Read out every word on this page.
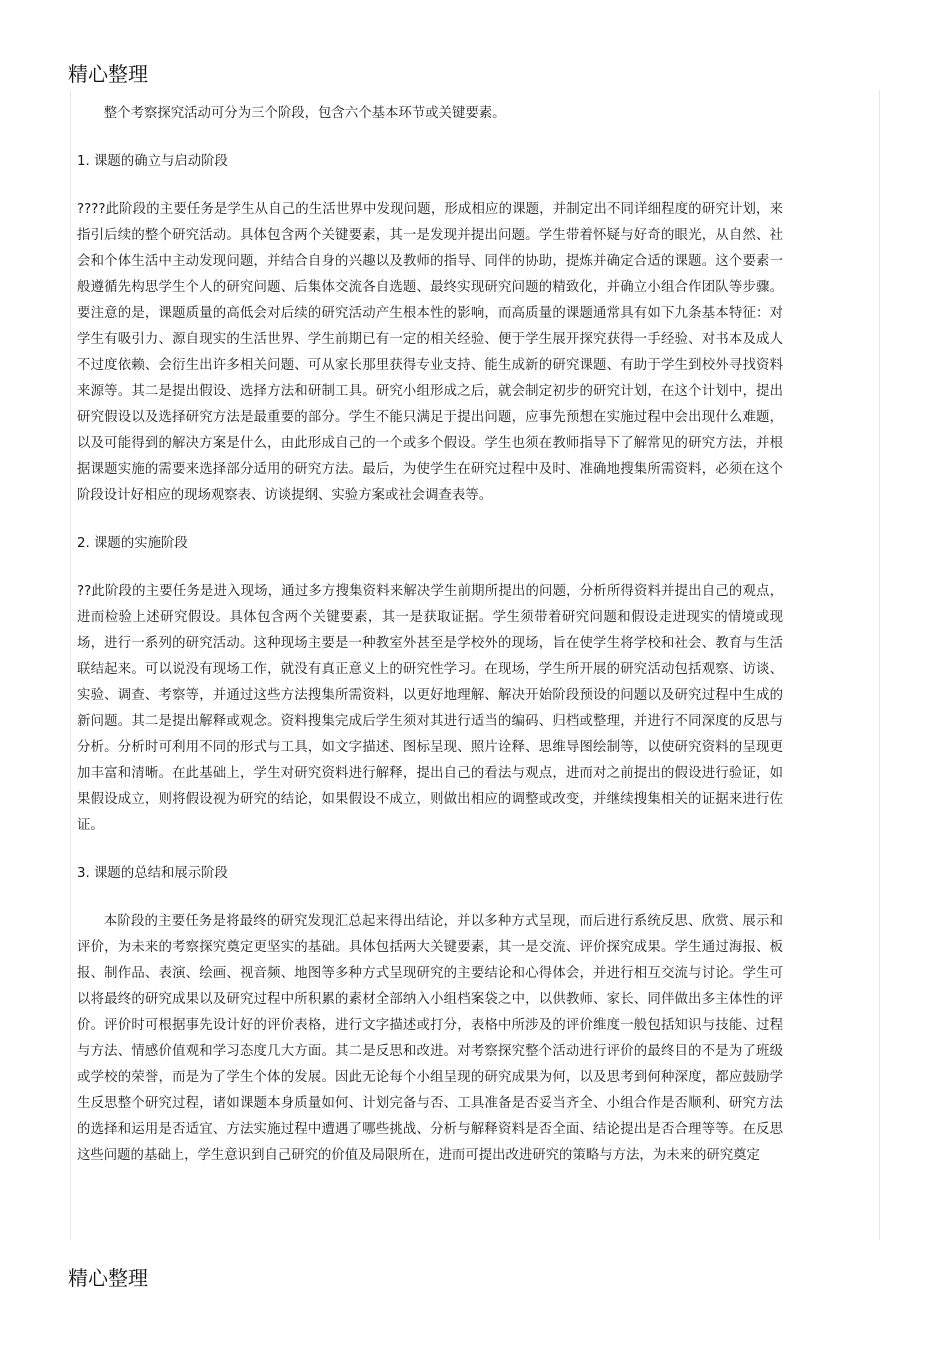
精心整理

整个考察探究活动可分为三个阶段，包含六个基本环节或关键要素。

1. 课题的确立与启动阶段

????此阶段的主要任务是学生从自己的生活世界中发现问题，形成相应的课题，并制定出不同详细程度的研究计划，来指引后续的整个研究活动。具体包含两个关键要素，其一是发现并提出问题。学生带着怀疑与好奇的眼光，从自然、社会和个体生活中主动发现问题，并结合自身的兴趣以及教师的指导、同伴的协助，提炼并确定合适的课题。这个要素一般遵循先构思学生个人的研究问题、后集体交流各自选题、最终实现研究问题的精致化，并确立小组合作团队等步骤。要注意的是，课题质量的高低会对后续的研究活动产生根本性的影响，而高质量的课题通常具有如下九条基本特征：对学生有吸引力、源自现实的生活世界、学生前期已有一定的相关经验、便于学生展开探究获得一手经验、对书本及成人不过度依赖、会衍生出许多相关问题、可从家长那里获得专业支持、能生成新的研究课题、有助于学生到校外寻找资料来源等。其二是提出假设、选择方法和研制工具。研究小组形成之后，就会制定初步的研究计划，在这个计划中，提出研究假设以及选择研究方法是最重要的部分。学生不能只满足于提出问题，应事先预想在实施过程中会出现什么难题，以及可能得到的解决方案是什么，由此形成自己的一个或多个假设。学生也须在教师指导下了解常见的研究方法，并根据课题实施的需要来选择部分适用的研究方法。最后，为使学生在研究过程中及时、准确地搜集所需资料，必须在这个阶段设计好相应的现场观察表、访谈提纲、实验方案或社会调查表等。

2. 课题的实施阶段

??此阶段的主要任务是进入现场，通过多方搜集资料来解决学生前期所提出的问题，分析所得资料并提出自己的观点，进而检验上述研究假设。具体包含两个关键要素，其一是获取证据。学生须带着研究问题和假设走进现实的情境或现场，进行一系列的研究活动。这种现场主要是一种教室外甚至是学校外的现场，旨在使学生将学校和社会、教育与生活联结起来。可以说没有现场工作，就没有真正意义上的研究性学习。在现场，学生所开展的研究活动包括观察、访谈、实验、调查、考察等，并通过这些方法搜集所需资料，以更好地理解、解决开始阶段预设的问题以及研究过程中生成的新问题。其二是提出解释或观念。资料搜集完成后学生须对其进行适当的编码、归档或整理，并进行不同深度的反思与分析。分析时可利用不同的形式与工具，如文字描述、图标呈现、照片诠释、思维导图绘制等，以使研究资料的呈现更加丰富和清晰。在此基础上，学生对研究资料进行解释，提出自己的看法与观点，进而对之前提出的假设进行验证，如果假设成立，则将假设视为研究的结论，如果假设不成立，则做出相应的调整或改变，并继续搜集相关的证据来进行佐证。

3. 课题的总结和展示阶段

本阶段的主要任务是将最终的研究发现汇总起来得出结论，并以多种方式呈现，而后进行系统反思、欣赏、展示和评价，为未来的考察探究奠定更坚实的基础。具体包括两大关键要素，其一是交流、评价探究成果。学生通过海报、板报、制作品、表演、绘画、视音频、地图等多种方式呈现研究的主要结论和心得体会，并进行相互交流与讨论。学生可以将最终的研究成果以及研究过程中所积累的素材全部纳入小组档案袋之中，以供教师、家长、同伴做出多主体性的评价。评价时可根据事先设计好的评价表格，进行文字描述或打分，表格中所涉及的评价维度一般包括知识与技能、过程与方法、情感价值观和学习态度几大方面。其二是反思和改进。对考察探究整个活动进行评价的最终目的不是为了班级或学校的荣誉，而是为了学生个体的发展。因此无论每个小组呈现的研究成果为何，以及思考到何种深度，都应鼓励学生反思整个研究过程，诸如课题本身质量如何、计划完备与否、工具准备是否妥当齐全、小组合作是否顺利、研究方法的选择和运用是否适宜、方法实施过程中遭遇了哪些挑战、分析与解释资料是否全面、结论提出是否合理等等。在反思这些问题的基础上，学生意识到自己研究的价值及局限所在，进而可提出改进研究的策略与方法，为未来的研究奠定

精心整理
